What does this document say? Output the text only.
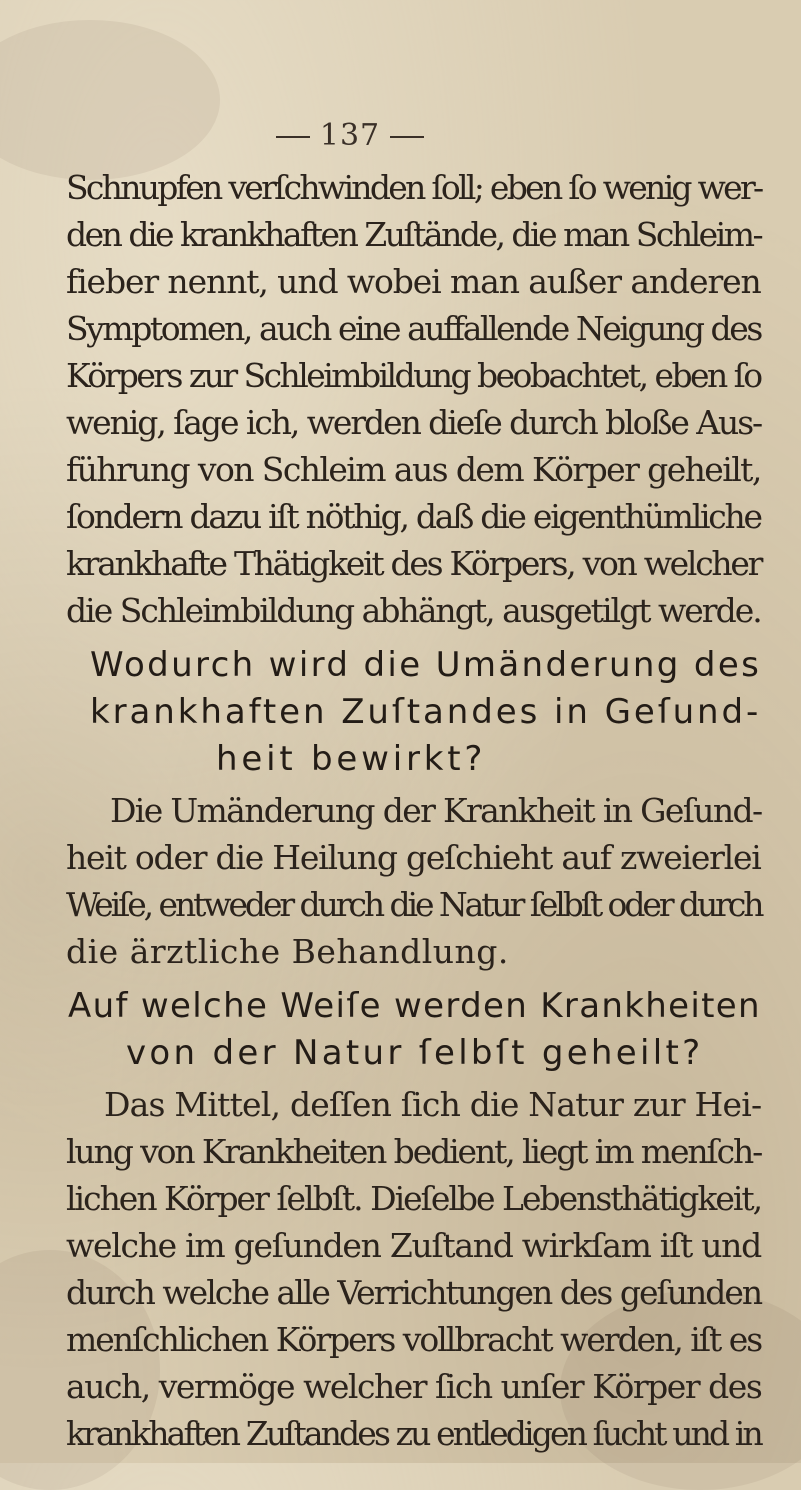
137
Schnupfen verſchwinden ſoll; eben ſo wenig wer-
den die krankhaften Zuſtände, die man Schleim-
fieber nennt, und wobei man außer anderen
Symptomen, auch eine auffallende Neigung des
Körpers zur Schleimbildung beobachtet, eben ſo
wenig, ſage ich, werden dieſe durch bloße Aus-
führung von Schleim aus dem Körper geheilt,
ſondern dazu iſt nöthig, daß die eigenthümliche
krankhafte Thätigkeit des Körpers, von welcher
die Schleimbildung abhängt, ausgetilgt werde.
Wodurch wird die Umänderung des
krankhaften Zuſtandes in Geſund-
heit bewirkt?
Die Umänderung der Krankheit in Geſund-
heit oder die Heilung geſchieht auf zweierlei
Weiſe, entweder durch die Natur ſelbſt oder durch
die ärztliche Behandlung.
Auf welche Weiſe werden Krankheiten
von der Natur ſelbſt geheilt?
Das Mittel, deſſen ſich die Natur zur Hei-
lung von Krankheiten bedient, liegt im menſch-
lichen Körper ſelbſt. Dieſelbe Lebensthätigkeit,
welche im geſunden Zuſtand wirkſam iſt und
durch welche alle Verrichtungen des geſunden
menſchlichen Körpers vollbracht werden, iſt es
auch, vermöge welcher ſich unſer Körper des
krankhaften Zuſtandes zu entledigen ſucht und in
